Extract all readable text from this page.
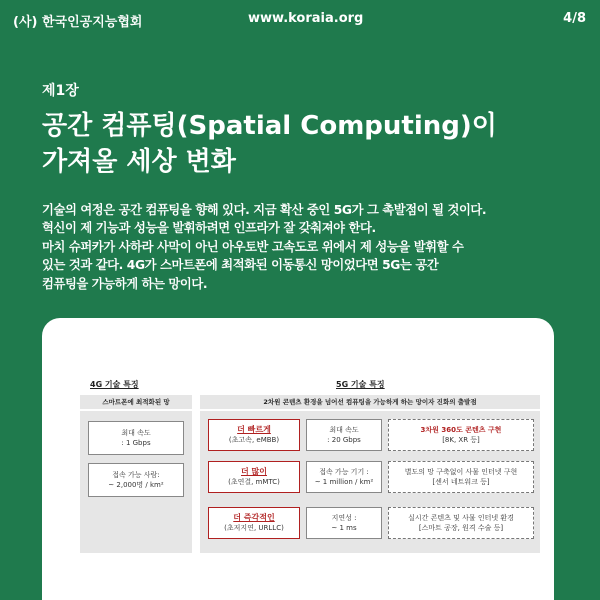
(사) 한국인공지능협회	www.koraia.org	4/8
제1장
공간 컴퓨팅(Spatial Computing)이
가져올 세상 변화

기술의 여정은 공간 컴퓨팅을 향해 있다. 지금 확산 중인 5G가 그 촉발점이 될 것이다.

혁신이 제 기능과 성능을 발휘하려면 인프라가 잘 갖춰져야 한다.

마치 슈퍼카가 사하라 사막이 아닌 아우토반 고속도로 위에서 제 성능을 발휘할 수

있는 것과 같다. 4G가 스마트폰에 최적화된 이동통신 망이었다면 5G는 공간

컴퓨팅을 가능하게 하는 망이다.

4G 기술 특징
스마트폰에 최적화된 망
최대 속도
: 1 Gbps
접속 가능 사람:
~ 2,000명 / km²
5G 기술 특징
2차원 콘텐츠 환경을 넘어선 컴퓨팅을 가능하게 하는 망이자 진화의 출발점
더 빠르게
(초고속, eMBB)
최대 속도
: 20 Gbps
3차원 360도 콘텐츠 구현
[8K, XR 등]
더 많이
(초연결, mMTC)
접속 가능 기기 :
~ 1 million / km²
별도의 망 구축없이 사물 인터넷 구현
[센서 네트워크 등]
더 즉각적인
(초저지연, URLLC)
지연성 :
~ 1 ms
실시간 콘텐츠 및 사물 인터넷 환경
[스마트 공장, 원격 수술 등]
